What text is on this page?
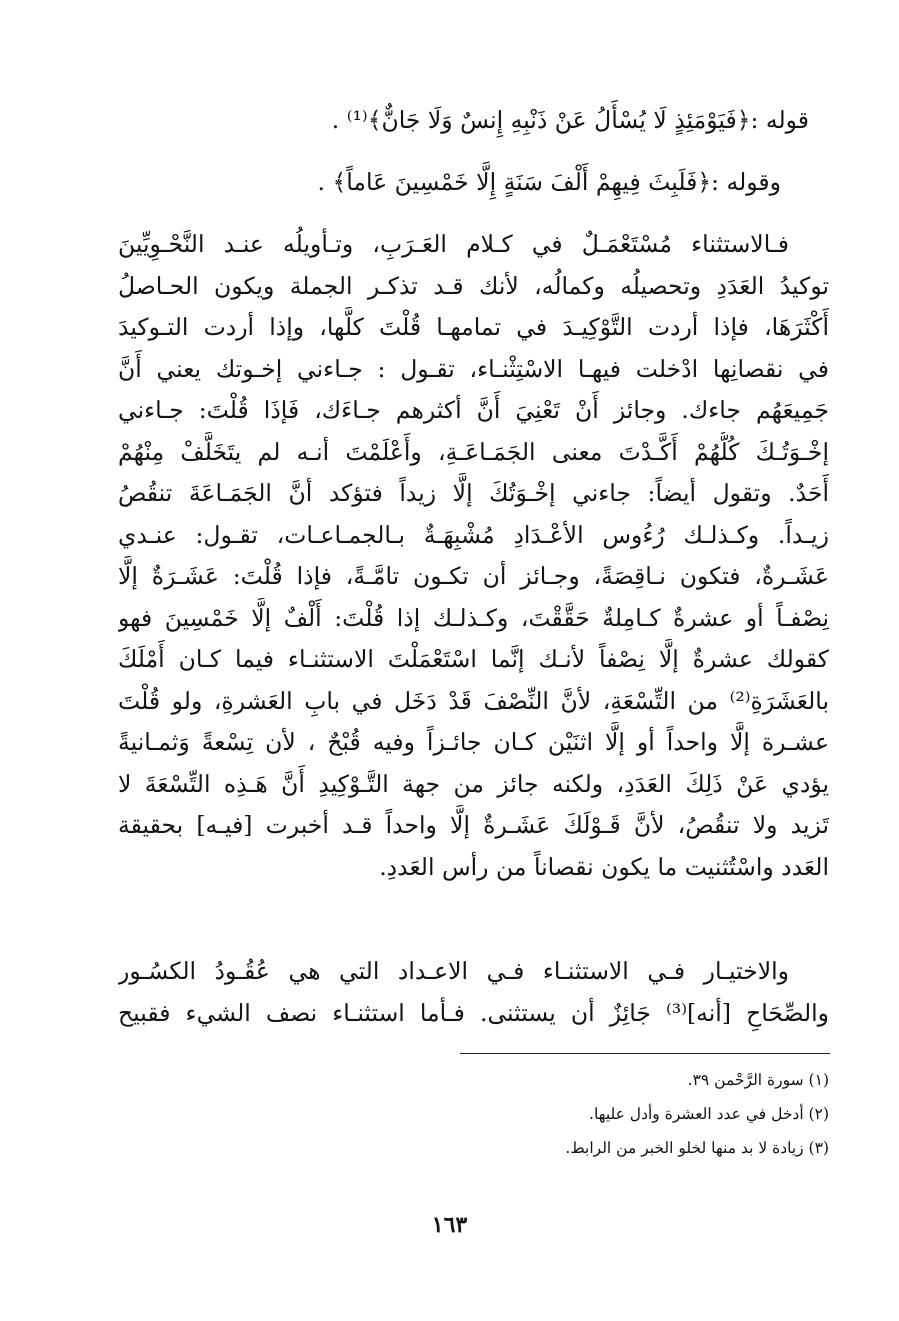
قوله :﴿فَيَوْمَئِذٍ لَا يُسْأَلُ عَنْ ذَنْبِهِ إِنسٌ وَلَا جَانٌّ﴾⁽¹⁾ .
وقوله :﴿فَلَبِثَ فِيهِمْ أَلْفَ سَنَةٍ إِلَّا خَمْسِينَ عَاماً﴾ .
فـالاستثناء مُسْتَعْمَـلٌ في كـلام العَـرَبِ، وتـأويلُه عنـد النَّحْـوِيِّينَ
توكيدُ العَدَدِ وتحصيلُه وكمالُه، لأنك قـد تذكـر الجملة ويكون الحـاصلُ
أَكْثَرَهَا، فإذا أردت التَّوْكِيـدَ في تمامهـا قُلْتَ كلَّها، وإذا أردت التـوكيدَ
في نقصانِها ادْخلت فيهـا الاسْتِثْنـاء، تقـول : جـاءني إخـوتك يعني أَنَّ
جَمِيعَهُم جاءك. وجائز أَنْ تَعْنِيَ أَنَّ أكثرهم جـاءَك، فَإذَا قُلْتَ: جـاءني
إخْـوَتُـكَ كُلُّهُمْ أَكَّـدْتَ معنى الجَمَـاعَـةِ، وأَعْلَمْتَ أنـه لم يتَخَلَّفْ مِنْهُمْ
أَحَدٌ. وتقول أيضاً: جاءني إخْـوَتُكَ إلَّا زيداً فتؤكد أنَّ الجَمَـاعَةَ تنقُصُ
زيـداً. وكـذلـك رُءُوس الأعْـدَادِ مُشْبِهَـةٌ بـالجمـاعـات، تقـول: عنـدي
عَشَـرةٌ، فتكون نـاقِصَةً، وجـائز أن تكـون تامَّـةً، فإذا قُلْتَ: عَشَـرَةٌ إلَّا
نِصْفـاً أو عشرةٌ كـامِلةٌ حَقَّقْتَ، وكـذلـك إذا قُلْتَ: أَلْفٌ إلَّا خَمْسِينَ فهو
كقولك عشرةٌ إلَّا نِصْفاً لأنـك إنَّما اسْتَعْمَلْتَ الاستثنـاء فيما كـان أَمْلَكَ
بالعَشَرَةِ⁽²⁾ من التِّسْعَةِ، لأنَّ النِّصْفَ قَدْ دَخَل في بابِ العَشرةِ، ولو قُلْتَ
عشـرة إلَّا واحداً أو إلَّا اثنَيْن كـان جائـزاً وفيه قُبْحٌ ، لأن تِسْعةً وَثمـانيةً
يؤدي عَنْ ذَلِكَ العَدَدِ، ولكنه جائز من جهة التَّـوْكِيدِ أَنَّ هَـذِه التِّسْعَةَ لا
تَزيد ولا تنقُصُ، لأنَّ قَـوْلَكَ عَشَـرةٌ إلَّا واحداً قـد أخبرت [فيـه] بحقيقة
العَدد واسْتُثنيت ما يكون نقصاناً من رأس العَددِ.
والاختيـار فـي الاستثنـاء فـي الاعـداد التي هي عُقُـودُ الكسُـور
والصِّحَاحِ [أنه]⁽³⁾ جَائِزٌ أن يستثنى. فـأما استثنـاء نصف الشيء فقبيح
(١) سورة الرَّحْمن ٣٩.
(٢) أدخل في عدد العشرة وأدل عليها.
(٣) زيادة لا بد منها لخلو الخبر من الرابط.
١٦٣
